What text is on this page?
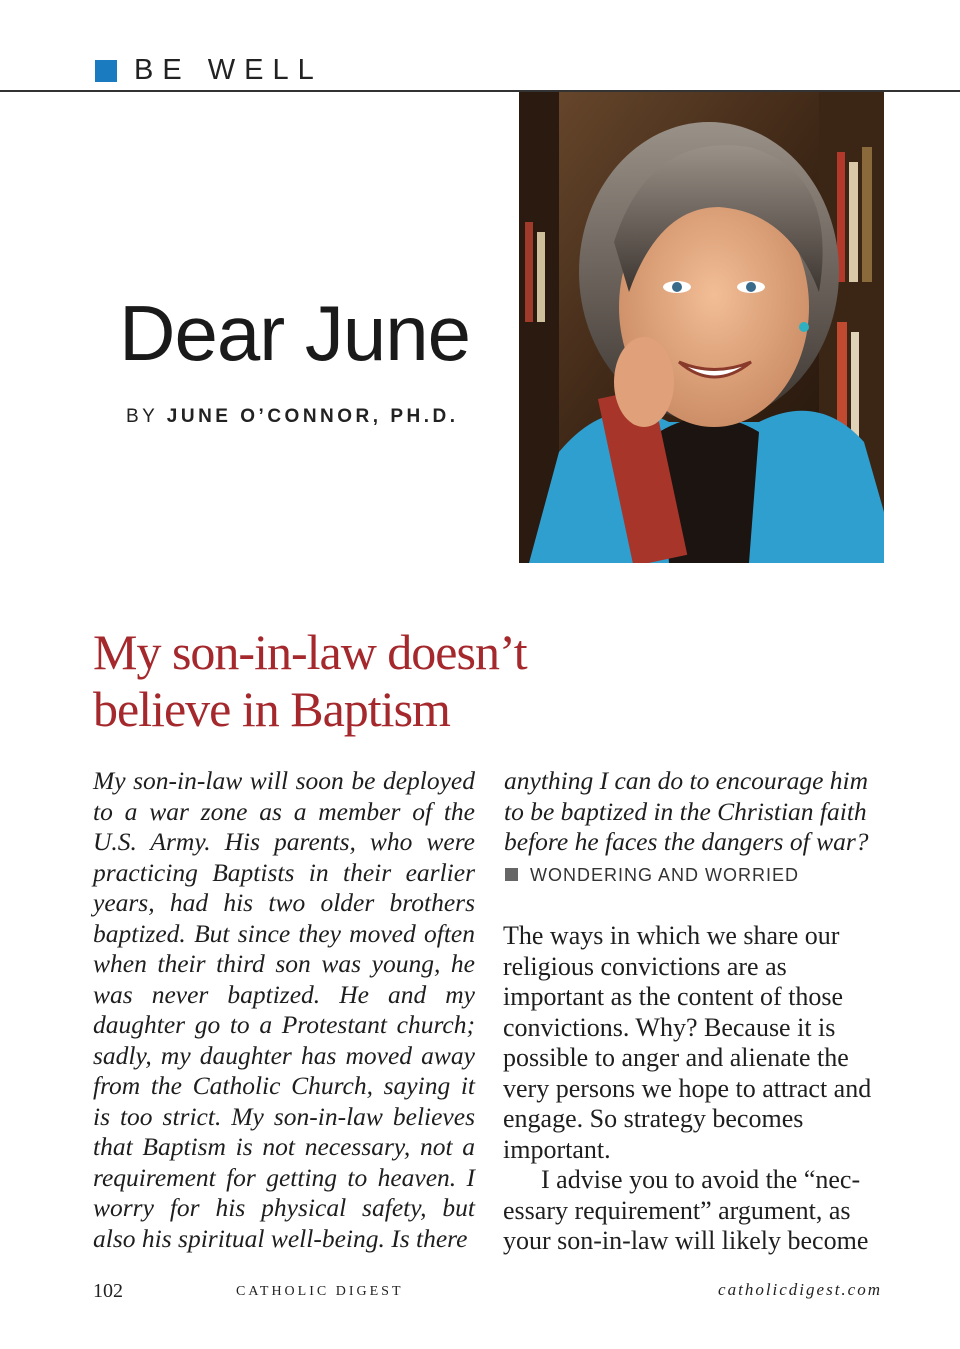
BE WELL
Dear June
BY JUNE O’CONNOR, PH.D.
My son-in-law doesn’t
believe in Baptism
My son-in-law will soon be deployed to a war zone as a member of the U.S. Army. His parents, who were practicing Baptists in their earlier years, had his two older brothers baptized. But since they moved often when their third son was young, he was never baptized. He and my daughter go to a Protestant church; sadly, my daughter has moved away from the Catholic Church, saying it is too strict. My son-in-law believes that Baptism is not necessary, not a requirement for getting to heaven. I worry for his physical safety, but also his spiritual well-being. Is there
anything I can do to encourage him to be baptized in the Christian faith before he faces the dangers of war?
WONDERING AND WORRIED

The ways in which we share our religious convictions are as important as the content of those convictions. Why? Because it is possible to anger and alienate the very persons we hope to attract and engage. So strategy becomes important.

I advise you to avoid the “necessary requirement” argument, as your son-in-law will likely become

102	CATHOLIC DIGEST	catholicdigest.com
